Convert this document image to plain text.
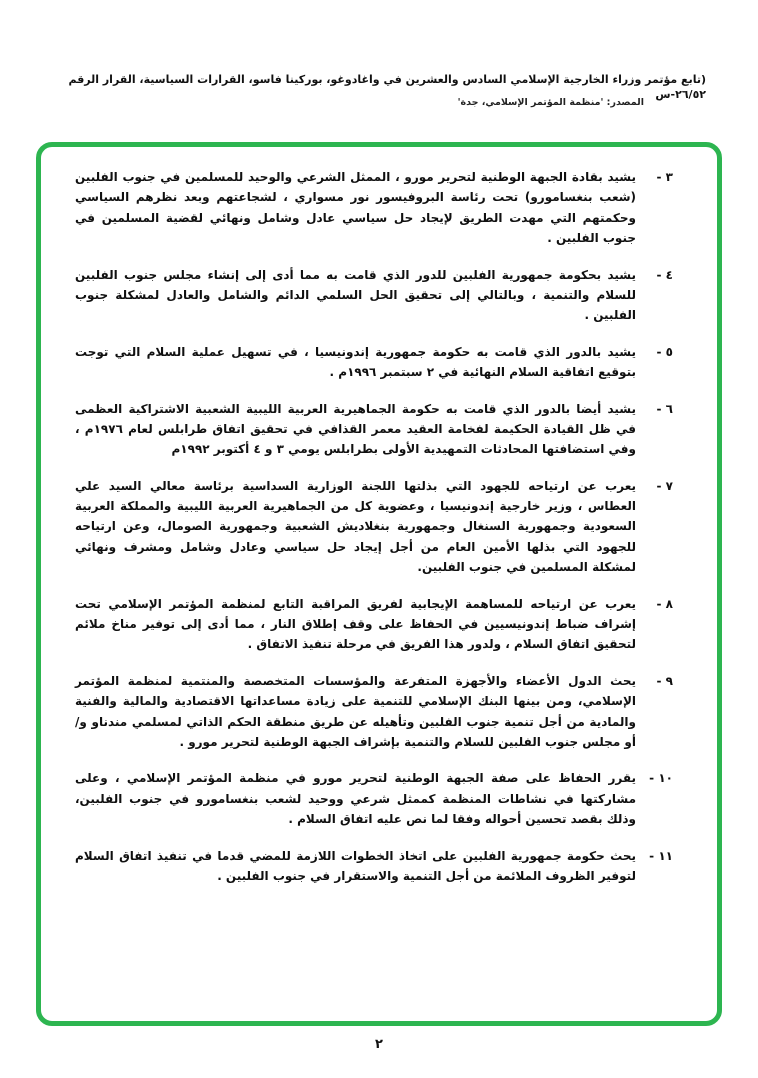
(تابع مؤتمر وزراء الخارجية الإسلامي السادس والعشرين في واغادوغو، بوركينا فاسو، القرارات السياسية، القرار الرقم ٢٦/٥٢-س
المصدر: 'منظمة المؤتمر الإسلامي، جدة'
٣ -

يشيد بقادة الجبهة الوطنية لتحرير مورو ، الممثل الشرعي والوحيد للمسلمين في جنوب الفلبين (شعب بنغسامورو) تحت رئاسة البروفيسور نور مسواري ، لشجاعتهم وبعد نظرهم السياسي وحكمتهم التي مهدت الطريق لإيجاد حل سياسي عادل وشامل ونهائي لقضية المسلمين في جنوب الفلبين .

٤ -

يشيد بحكومة جمهورية الفلبين للدور الذي قامت به مما أدى إلى إنشاء مجلس جنوب الفلبين للسلام والتنمية ، وبالتالي إلى تحقيق الحل السلمي الدائم والشامل والعادل لمشكلة جنوب الفلبين .

٥ -

يشيد بالدور الذي قامت به حكومة جمهورية إندونيسيا ، في تسهيل عملية السلام التي توجت بتوقيع اتفاقية السلام النهائية في ٢ سبتمبر ١٩٩٦م .

٦ -

يشيد أيضا بالدور الذي قامت به حكومة الجماهيرية العربية الليبية الشعبية الاشتراكية العظمى في ظل القيادة الحكيمة لفخامة العقيد معمر القذافي في تحقيق اتفاق طرابلس لعام ١٩٧٦م ، وفي استضافتها المحادثات التمهيدية الأولى بطرابلس يومي ٣ و ٤ أكتوبر ١٩٩٢م

٧ -

يعرب عن ارتياحه للجهود التي بذلتها اللجنة الوزارية السداسية برئاسة معالي السيد علي العطاس ، وزير خارجية إندونيسيا ، وعضوية كل من الجماهيرية العربية الليبية والمملكة العربية السعودية وجمهورية السنغال وجمهورية بنغلاديش الشعبية وجمهورية الصومال، وعن ارتياحه للجهود التي بذلها الأمين العام من أجل إيجاد حل سياسي وعادل وشامل ومشرف ونهائي لمشكلة المسلمين في جنوب الفلبين.

٨ -

يعرب عن ارتياحه للمساهمة الإيجابية لفريق المراقبة التابع لمنظمة المؤتمر الإسلامي تحت إشراف ضباط إندونيسيين في الحفاظ على وقف إطلاق النار ، مما أدى إلى توفير مناخ ملائم لتحقيق اتفاق السلام ، ولدور هذا الفريق في مرحلة تنفيذ الاتفاق .

٩ -

يحث الدول الأعضاء والأجهزة المتفرعة والمؤسسات المتخصصة والمنتمية لمنظمة المؤتمر الإسلامي، ومن بينها البنك الإسلامي للتنمية على زيادة مساعداتها الاقتصادية والمالية والفنية والمادية من أجل تنمية جنوب الفلبين وتأهيله عن طريق منطقة الحكم الذاتي لمسلمي مندناو و/أو مجلس جنوب الفلبين للسلام والتنمية بإشراف الجبهة الوطنية لتحرير مورو .

١٠ -

يقرر الحفاظ على صفة الجبهة الوطنية لتحرير مورو في منظمة المؤتمر الإسلامي ، وعلى مشاركتها في نشاطات المنظمة كممثل شرعي ووحيد لشعب بنغسامورو في جنوب الفلبين، وذلك بقصد تحسين أحواله وفقا لما نص عليه اتفاق السلام .

١١ -

يحث حكومة جمهورية الفلبين على اتخاذ الخطوات اللازمة للمضي قدما في تنفيذ اتفاق السلام لتوفير الظروف الملائمة من أجل التنمية والاستقرار في جنوب الفلبين .

٢
